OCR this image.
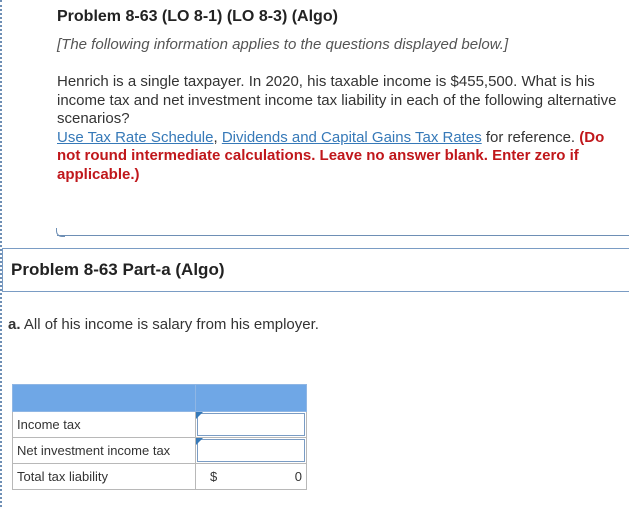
Problem 8-63 (LO 8-1) (LO 8-3) (Algo)
[The following information applies to the questions displayed below.]
Henrich is a single taxpayer. In 2020, his taxable income is $455,500. What is his income tax and net investment income tax liability in each of the following alternative scenarios?
Use Tax Rate Schedule, Dividends and Capital Gains Tax Rates for reference. (Do not round intermediate calculations. Leave no answer blank. Enter zero if applicable.)
Problem 8-63 Part-a (Algo)
a. All of his income is salary from his employer.

Income tax	

Net investment income tax	

Total tax liability	$ 0
